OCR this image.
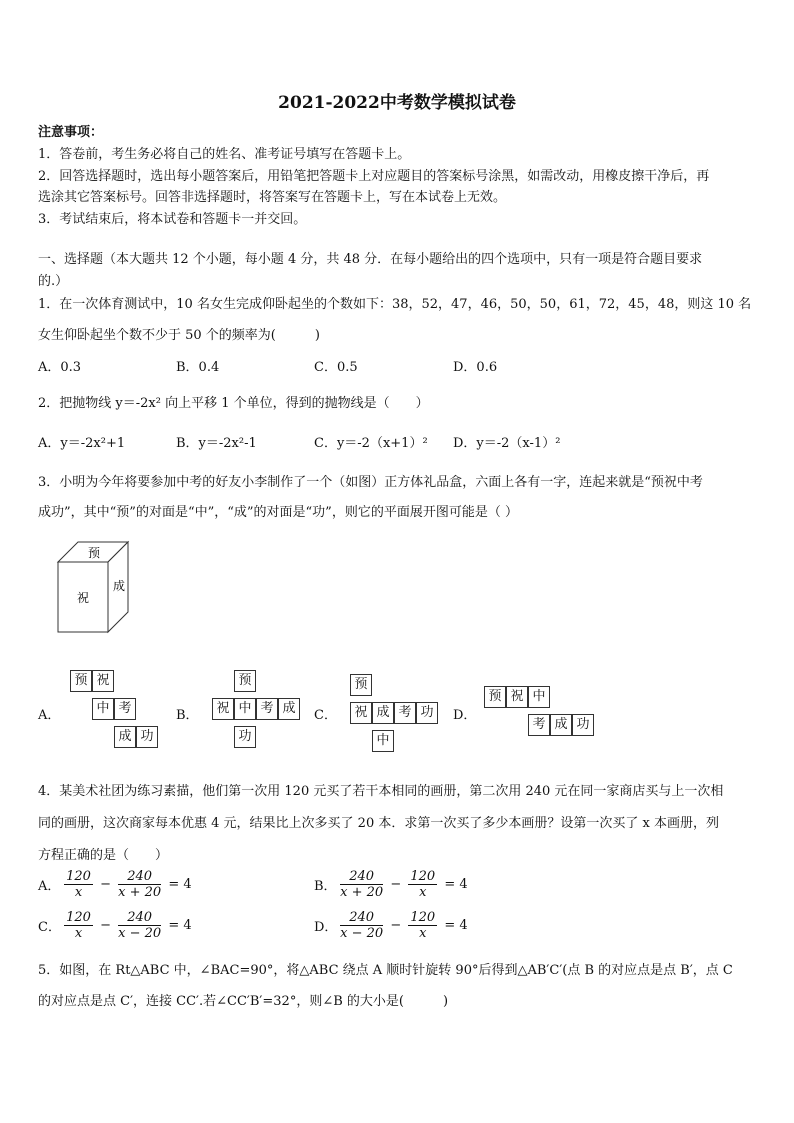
2021-2022中考数学模拟试卷
注意事项：
1．答卷前，考生务必将自己的姓名、准考证号填写在答题卡上。
2．回答选择题时，选出每小题答案后，用铅笔把答题卡上对应题目的答案标号涂黑，如需改动，用橡皮擦干净后，再
选涂其它答案标号。回答非选择题时，将答案写在答题卡上，写在本试卷上无效。
3．考试结束后，将本试卷和答题卡一并交回。
一、选择题（本大题共 12 个小题，每小题 4 分，共 48 分．在每小题给出的四个选项中，只有一项是符合题目要求
的.）
1．在一次体育测试中，10 名女生完成仰卧起坐的个数如下：38，52，47，46，50，50，61，72，45，48，则这 10 名
女生仰卧起坐个数不少于 50 个的频率为(　　　)
A．0.3	B．0.4	C．0.5	D．0.6
2．把抛物线 y＝-2x² 向上平移 1 个单位，得到的抛物线是（　　）
A．y＝-2x²+1	B．y＝-2x²-1	C．y＝-2（x+1）² D．y＝-2（x-1）²
3．小明为今年将要参加中考的好友小李制作了一个（如图）正方体礼品盒，六面上各有一字，连起来就是“预祝中考
成功”，其中“预”的对面是“中”，“成”的对面是“功”，则它的平面展开图可能是（ ）
预
祝
成
A．
预 祝
中 考
成 功
B．
预
祝 中 考 成
功
C．
预
祝 成 考 功
中
D．
预 祝 中
考 成 功
4．某美术社团为练习素描，他们第一次用 120 元买了若干本相同的画册，第二次用 240 元在同一家商店买与上一次相
同的画册，这次商家每本优惠 4 元，结果比上次多买了 20 本．求第一次买了多少本画册？设第一次买了 x 本画册，列
方程正确的是（　　）
A． $\frac{120}{x} - \frac{240}{x + 20} = 4$	B． $\frac{240}{x + 20} - \frac{120}{x} = 4$
C． $\frac{120}{x} - \frac{240}{x - 20} = 4$	D． $\frac{240}{x - 20} - \frac{120}{x} = 4$
5．如图，在 Rt△ABC 中，∠BAC=90°，将△ABC 绕点 A 顺时针旋转 90°后得到△AB′C′(点 B 的对应点是点 B′，点 C
的对应点是点 C′，连接 CC′.若∠CC′B′=32°，则∠B 的大小是(　　　)
